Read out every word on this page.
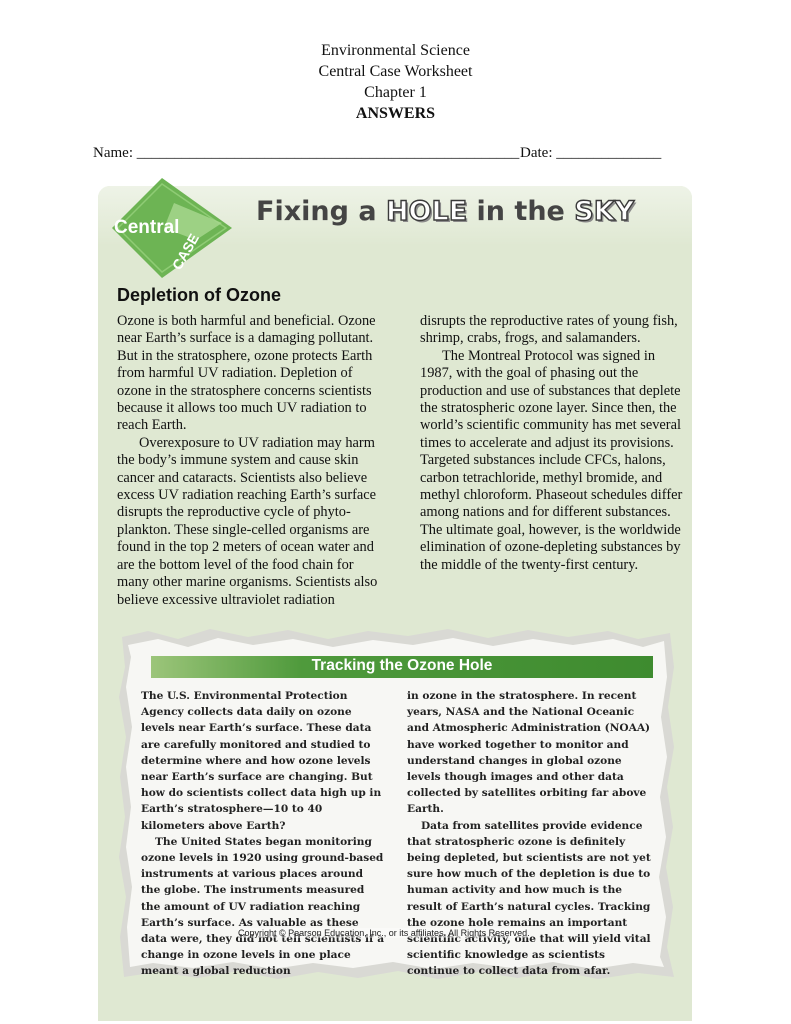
Environmental Science
Central Case Worksheet
Chapter 1
ANSWERS
Name: ___________________________________________________ Date: ______________
Central
CASE
Fixing a HOLE in the SKY
Depletion of Ozone

Ozone is both harmful and beneficial. Ozone near Earth’s surface is a damaging pollutant. But in the stratosphere, ozone protects Earth from harmful UV radiation. Depletion of ozone in the stratosphere concerns scientists because it allows too much UV radiation to reach Earth.

Overexposure to UV radiation may harm the body’s immune system and cause skin cancer and cataracts. Scientists also believe excess UV radiation reaching Earth’s surface disrupts the reproductive cycle of phyto-plankton. These single-celled organisms are found in the top 2 meters of ocean water and are the bottom level of the food chain for many other marine organisms. Scientists also believe excessive ultraviolet radiation

disrupts the reproductive rates of young fish, shrimp, crabs, frogs, and salamanders.

The Montreal Protocol was signed in 1987, with the goal of phasing out the production and use of substances that deplete the stratospheric ozone layer. Since then, the world’s scientific community has met several times to accelerate and adjust its provisions. Targeted substances include CFCs, halons, carbon tetrachloride, methyl bromide, and methyl chloroform. Phaseout schedules differ among nations and for different substances. The ultimate goal, however, is the worldwide elimination of ozone-depleting substances by the middle of the twenty-first century.

Tracking the Ozone Hole

The U.S. Environmental Protection Agency collects data daily on ozone levels near Earth’s surface. These data are carefully monitored and studied to determine where and how ozone levels near Earth’s surface are changing. But how do scientists collect data high up in Earth’s stratosphere—10 to 40 kilometers above Earth?

The United States began monitoring ozone levels in 1920 using ground-based instruments at various places around the globe. The instruments measured the amount of UV radiation reaching Earth’s surface. As valuable as these data were, they did not tell scientists if a change in ozone levels in one place meant a global reduction

in ozone in the stratosphere. In recent years, NASA and the National Oceanic and Atmospheric Administration (NOAA) have worked together to monitor and understand changes in global ozone levels though images and other data collected by satellites orbiting far above Earth.

Data from satellites provide evidence that stratospheric ozone is definitely being depleted, but scientists are not yet sure how much of the depletion is due to human activity and how much is the result of Earth’s natural cycles. Tracking the ozone hole remains an important scientific activity, one that will yield vital scientific knowledge as scientists continue to collect data from afar.

Copyright © Pearson Education, Inc., or its affiliates. All Rights Reserved.
